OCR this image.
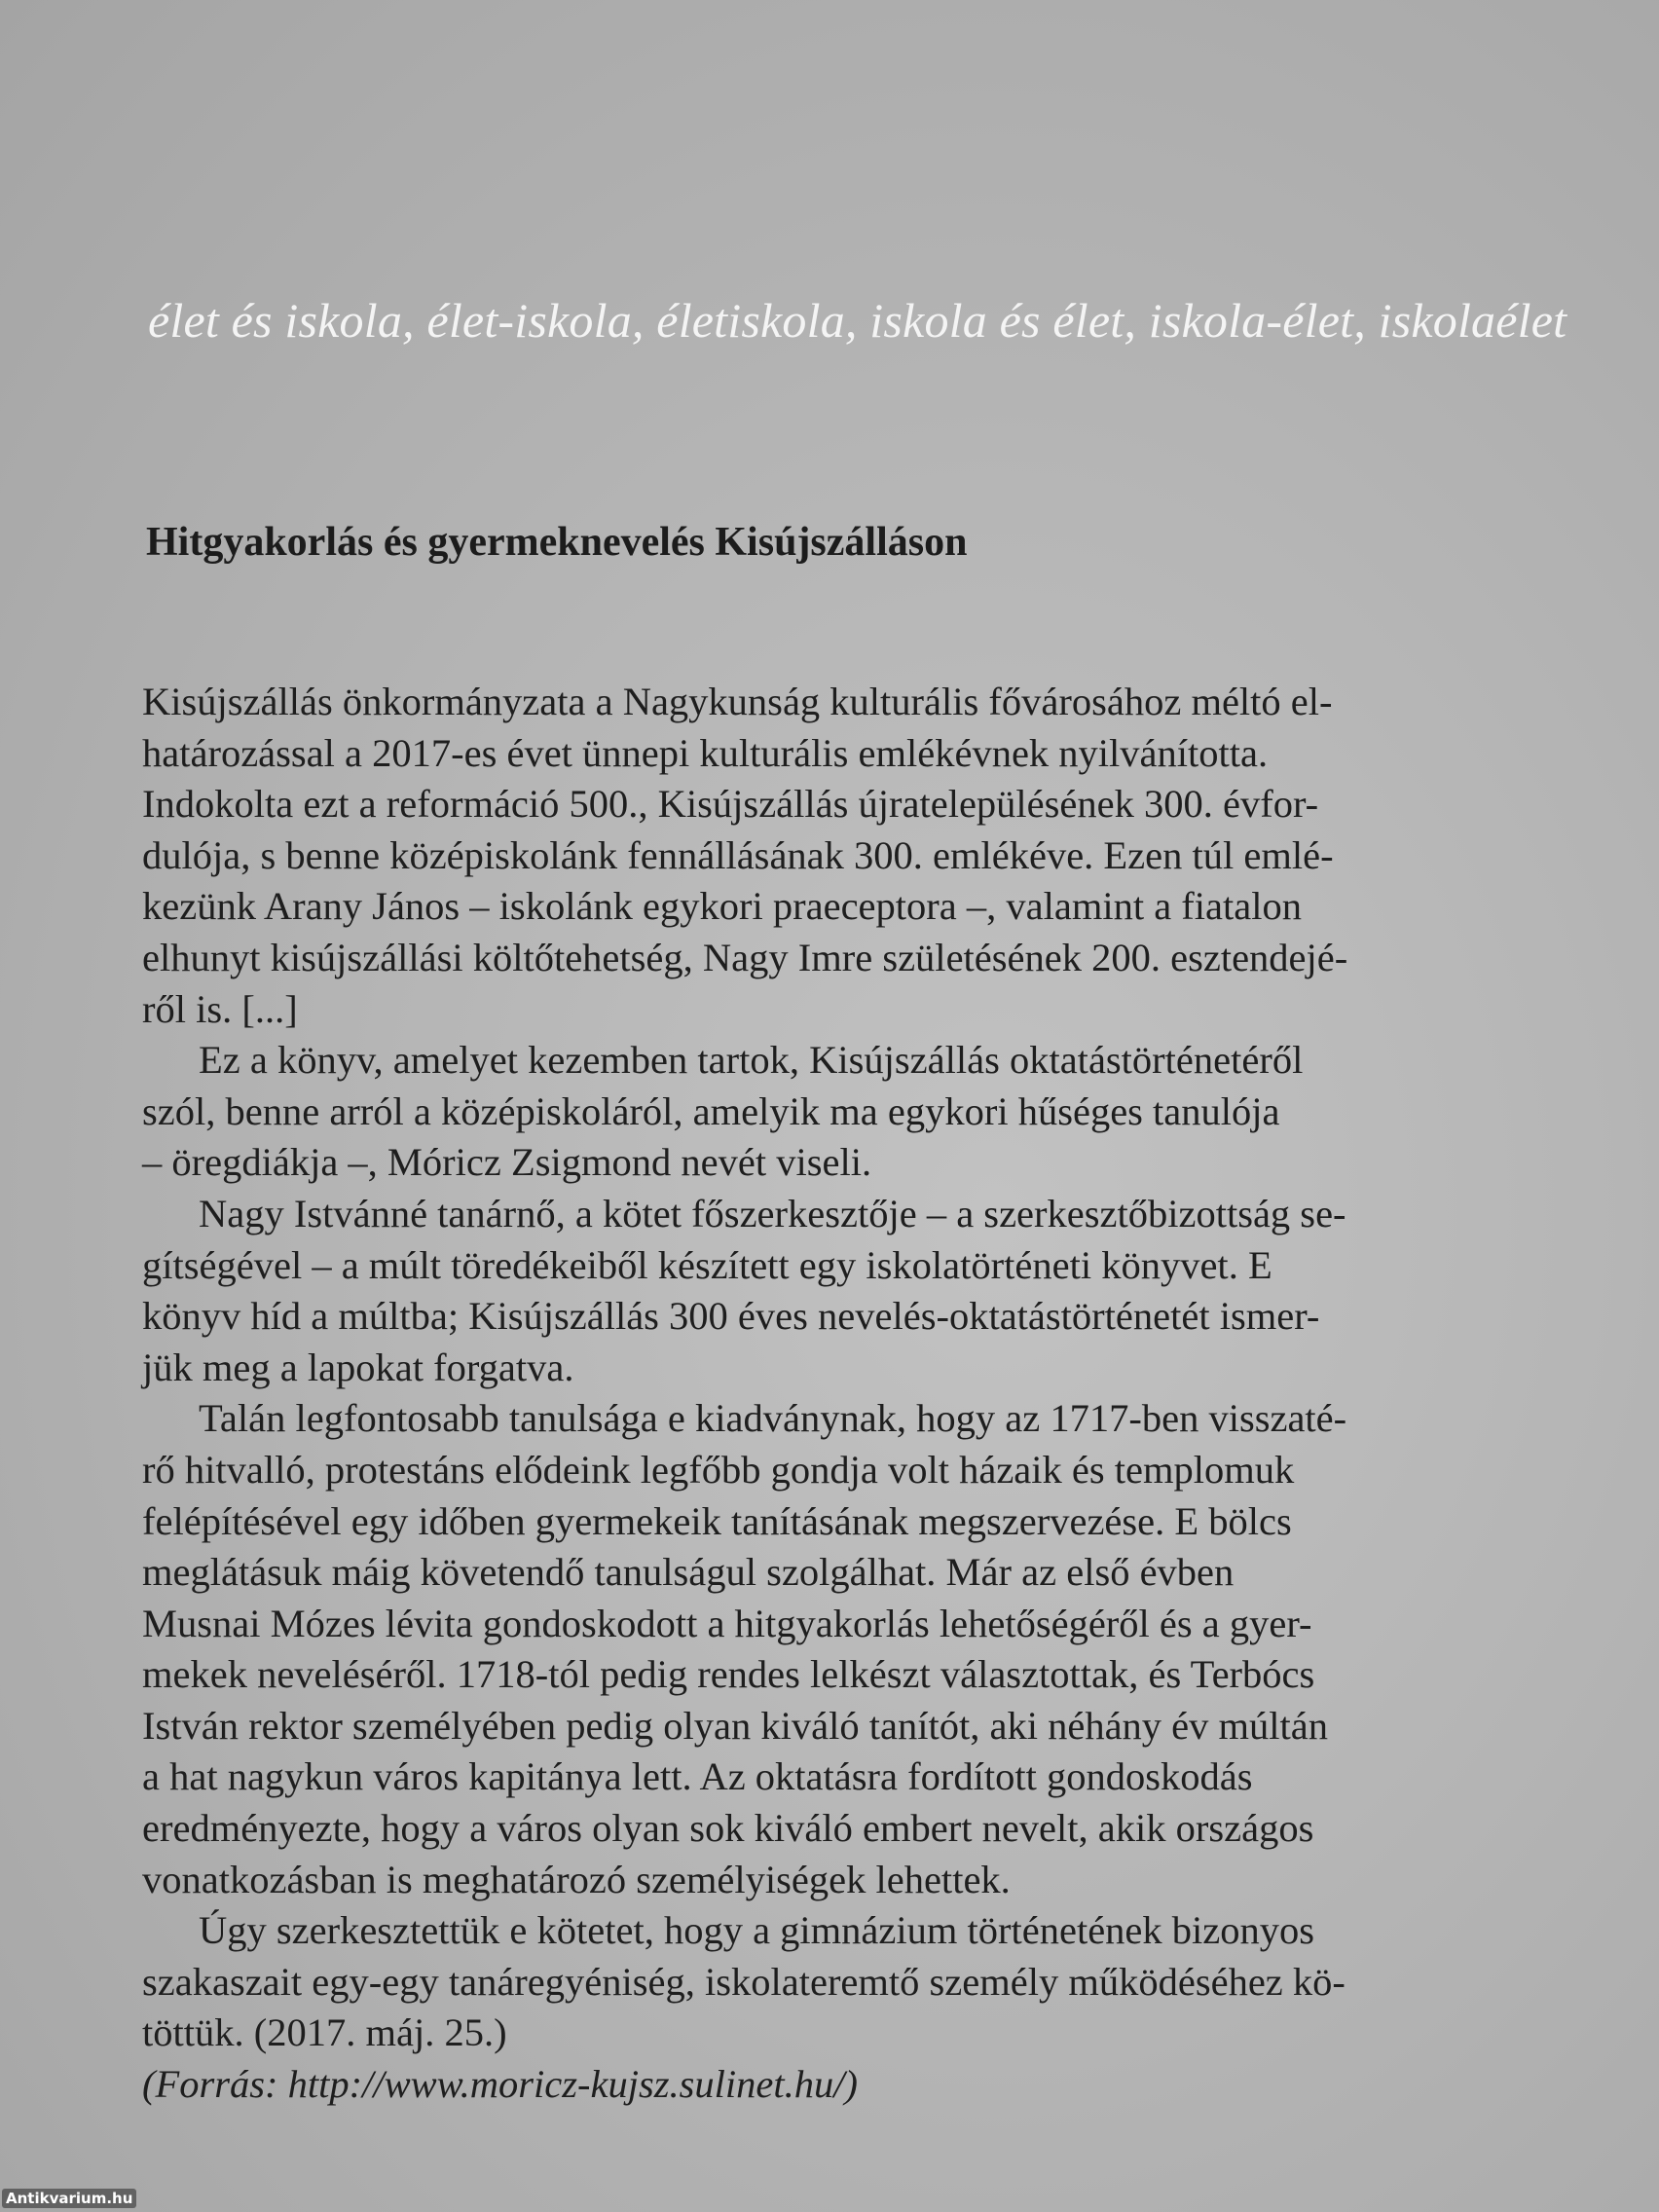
élet és iskola, élet-iskola, életiskola, iskola és élet, iskola-élet, iskolaélet
Hitgyakorlás és gyermeknevelés Kisújszálláson
Kisújszállás önkormányzata a Nagykunság kulturális fővárosához méltó el-
határozással a 2017-es évet ünnepi kulturális emlékévnek nyilvánította.
Indokolta ezt a reformáció 500., Kisújszállás újratelepülésének 300. évfor-
dulója, s benne középiskolánk fennállásának 300. emlékéve. Ezen túl emlé-
kezünk Arany János – iskolánk egykori praeceptora –, valamint a fiatalon
elhunyt kisújszállási költőtehetség, Nagy Imre születésének 200. esztendejé-
ről is. [...]
Ez a könyv, amelyet kezemben tartok, Kisújszállás oktatástörténetéről
szól, benne arról a középiskoláról, amelyik ma egykori hűséges tanulója
– öregdiákja –, Móricz Zsigmond nevét viseli.
Nagy Istvánné tanárnő, a kötet főszerkesztője – a szerkesztőbizottság se-
gítségével – a múlt töredékeiből készített egy iskolatörténeti könyvet. E
könyv híd a múltba; Kisújszállás 300 éves nevelés-oktatástörténetét ismer-
jük meg a lapokat forgatva.
Talán legfontosabb tanulsága e kiadványnak, hogy az 1717-ben visszaté-
rő hitvalló, protestáns elődeink legfőbb gondja volt házaik és templomuk
felépítésével egy időben gyermekeik tanításának megszervezése. E bölcs
meglátásuk máig követendő tanulságul szolgálhat. Már az első évben
Musnai Mózes lévita gondoskodott a hitgyakorlás lehetőségéről és a gyer-
mekek neveléséről. 1718-tól pedig rendes lelkészt választottak, és Terbócs
István rektor személyében pedig olyan kiváló tanítót, aki néhány év múltán
a hat nagykun város kapitánya lett. Az oktatásra fordított gondoskodás
eredményezte, hogy a város olyan sok kiváló embert nevelt, akik országos
vonatkozásban is meghatározó személyiségek lehettek.
Úgy szerkesztettük e kötetet, hogy a gimnázium történetének bizonyos
szakaszait egy-egy tanáregyéniség, iskolateremtő személy működéséhez kö-
töttük. (2017. máj. 25.)
(Forrás: http://www.moricz-kujsz.sulinet.hu/)
Antikvarium.hu
